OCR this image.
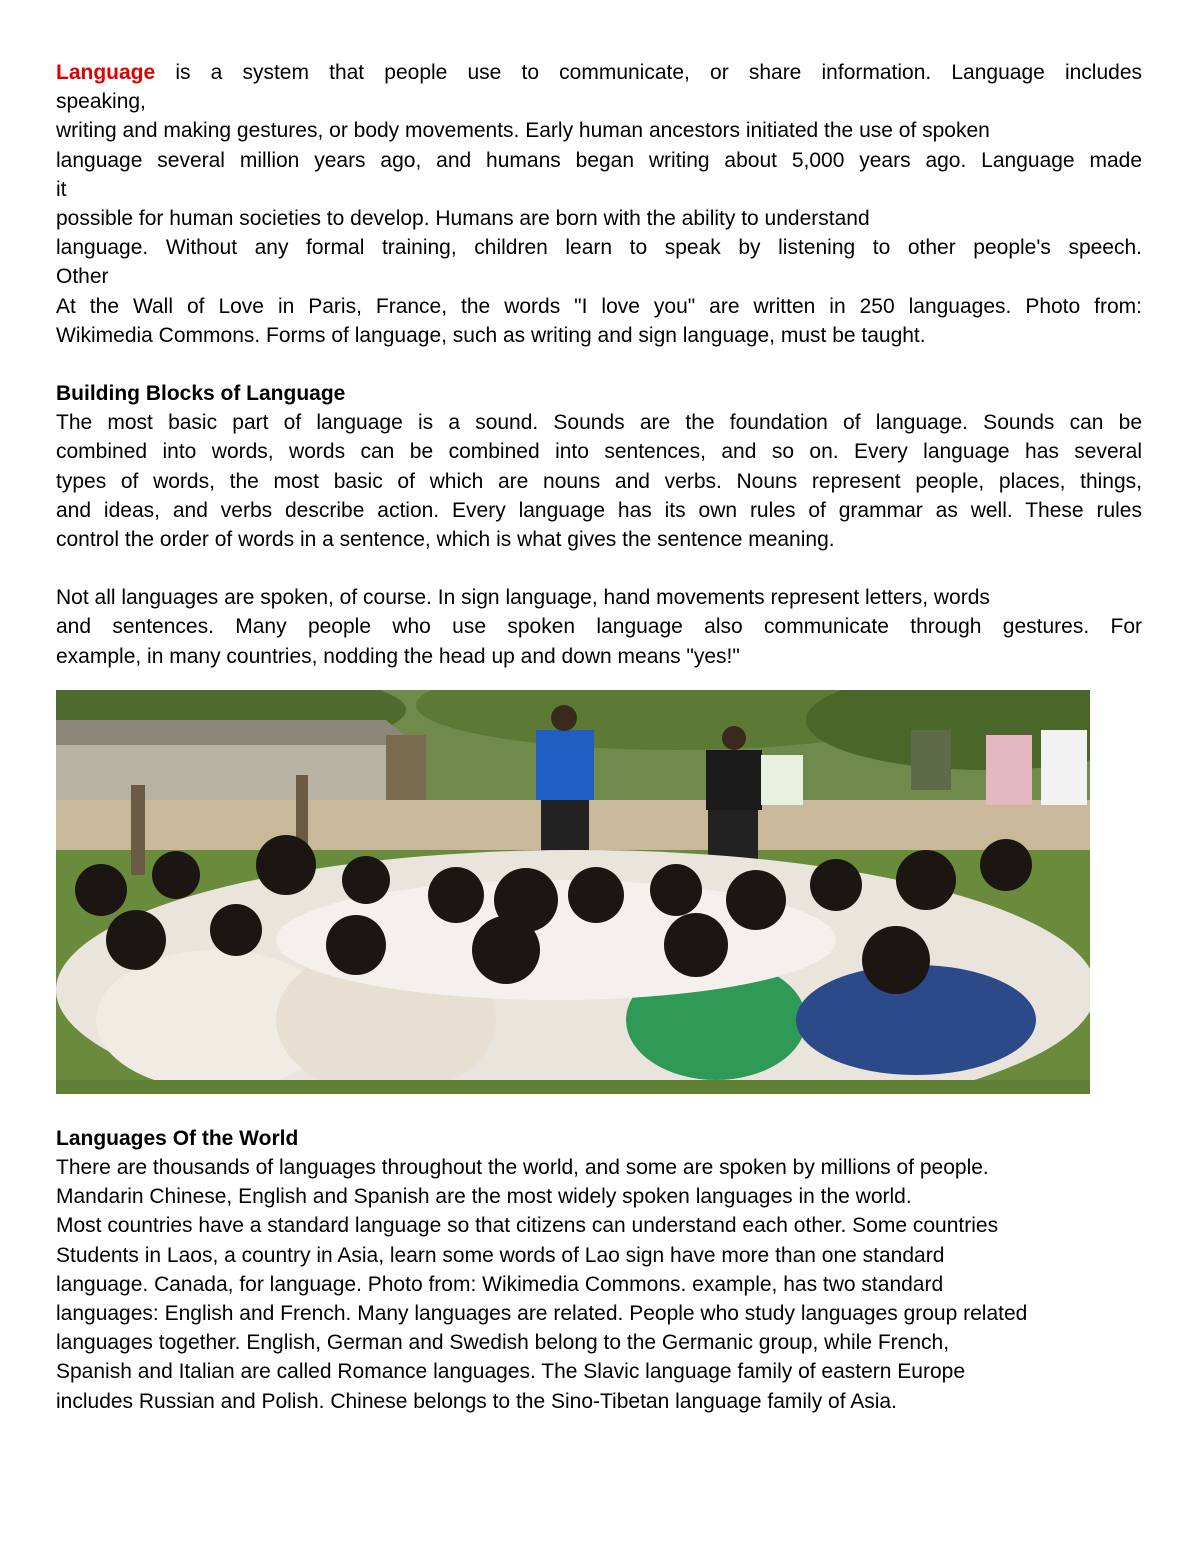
Language is a system that people use to communicate, or share information. Language includes

speaking,

writing and making gestures, or body movements. Early human ancestors initiated the use of spoken

language several million years ago, and humans began writing about 5,000 years ago. Language made

it

possible for human societies to develop. Humans are born with the ability to understand

language. Without any formal training, children learn to speak by listening to other people's speech.

Other

At the Wall of Love in Paris, France, the words "I love you" are written in 250 languages. Photo from:

Wikimedia Commons. Forms of language, such as writing and sign language, must be taught.

Building Blocks of Language

The most basic part of language is a sound. Sounds are the foundation of language. Sounds can be

combined into words, words can be combined into sentences, and so on. Every language has several

types of words, the most basic of which are nouns and verbs. Nouns represent people, places, things,

and ideas, and verbs describe action. Every language has its own rules of grammar as well. These rules

control the order of words in a sentence, which is what gives the sentence meaning.

Not all languages are spoken, of course. In sign language, hand movements represent letters, words

and sentences. Many people who use spoken language also communicate through gestures. For

example, in many countries, nodding the head up and down means "yes!"

Languages Of the World

There are thousands of languages throughout the world, and some are spoken by millions of people.

Mandarin Chinese, English and Spanish are the most widely spoken languages in the world.

Most countries have a standard language so that citizens can understand each other. Some countries

Students in Laos, a country in Asia, learn some words of Lao sign have more than one standard

language. Canada, for language. Photo from: Wikimedia Commons. example, has two standard

languages: English and French. Many languages are related. People who study languages group related

languages together. English, German and Swedish belong to the Germanic group, while French,

Spanish and Italian are called Romance languages. The Slavic language family of eastern Europe

includes Russian and Polish. Chinese belongs to the Sino-Tibetan language family of Asia.
